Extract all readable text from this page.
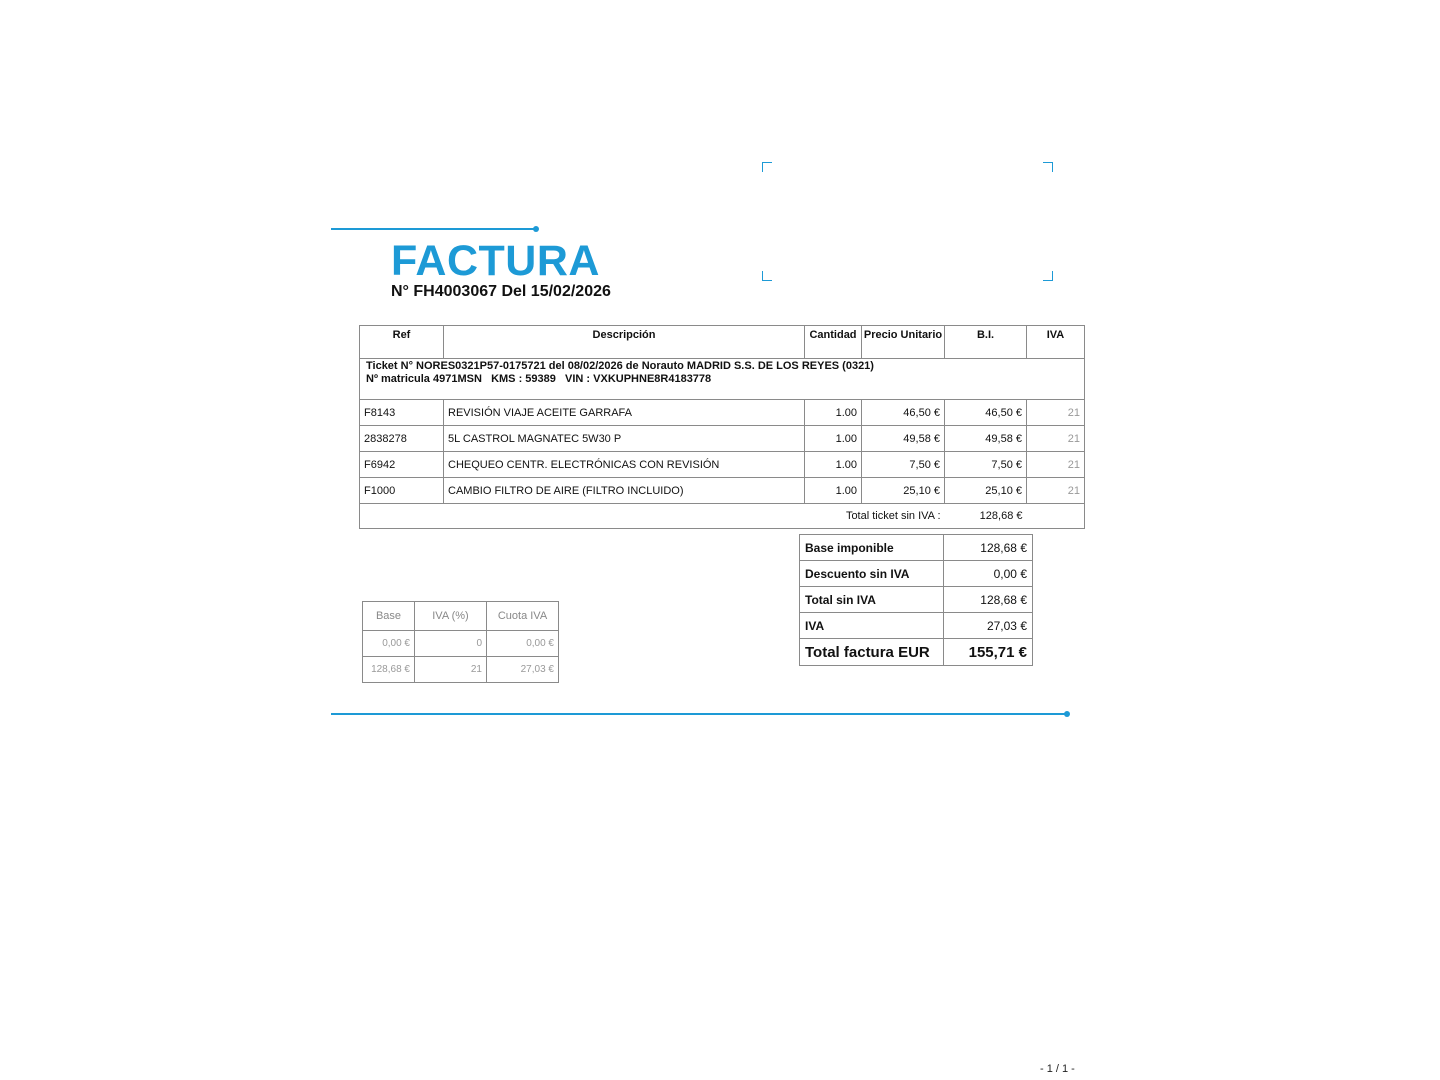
FACTURA
N° FH4003067 Del 15/02/2026
Ref	Descripción	Cantidad	Precio Unitario	B.I.	IVA

Ticket N° NORES0321P57-0175721 del 08/02/2026 de Norauto MADRID S.S. DE LOS REYES (0321)
Nº matricula 4971MSN   KMS : 59389   VIN : VXKUPHNE8R4183778					

F8143	REVISIÓN VIAJE ACEITE GARRAFA	1.00	46,50 €	46,50 €	21
2838278	5L CASTROL MAGNATEC 5W30 P	1.00	49,58 €	49,58 €	21
F6942	CHEQUEO CENTR. ELECTRÓNICAS CON REVISIÓN	1.00	7,50 €	7,50 €	21
F1000	CAMBIO FILTRO DE AIRE (FILTRO INCLUIDO)	1.00	25,10 €	25,10 €	21
Total ticket sin IVA :				128,68 €	
Base imponible	128,68 €
Descuento sin IVA	0,00 €
Total sin IVA	128,68 €
IVA	27,03 €
Total factura EUR	155,71 €
Base	IVA (%)	Cuota IVA
0,00 €	0	0,00 €
128,68 €	21	27,03 €
- 1 / 1 -
